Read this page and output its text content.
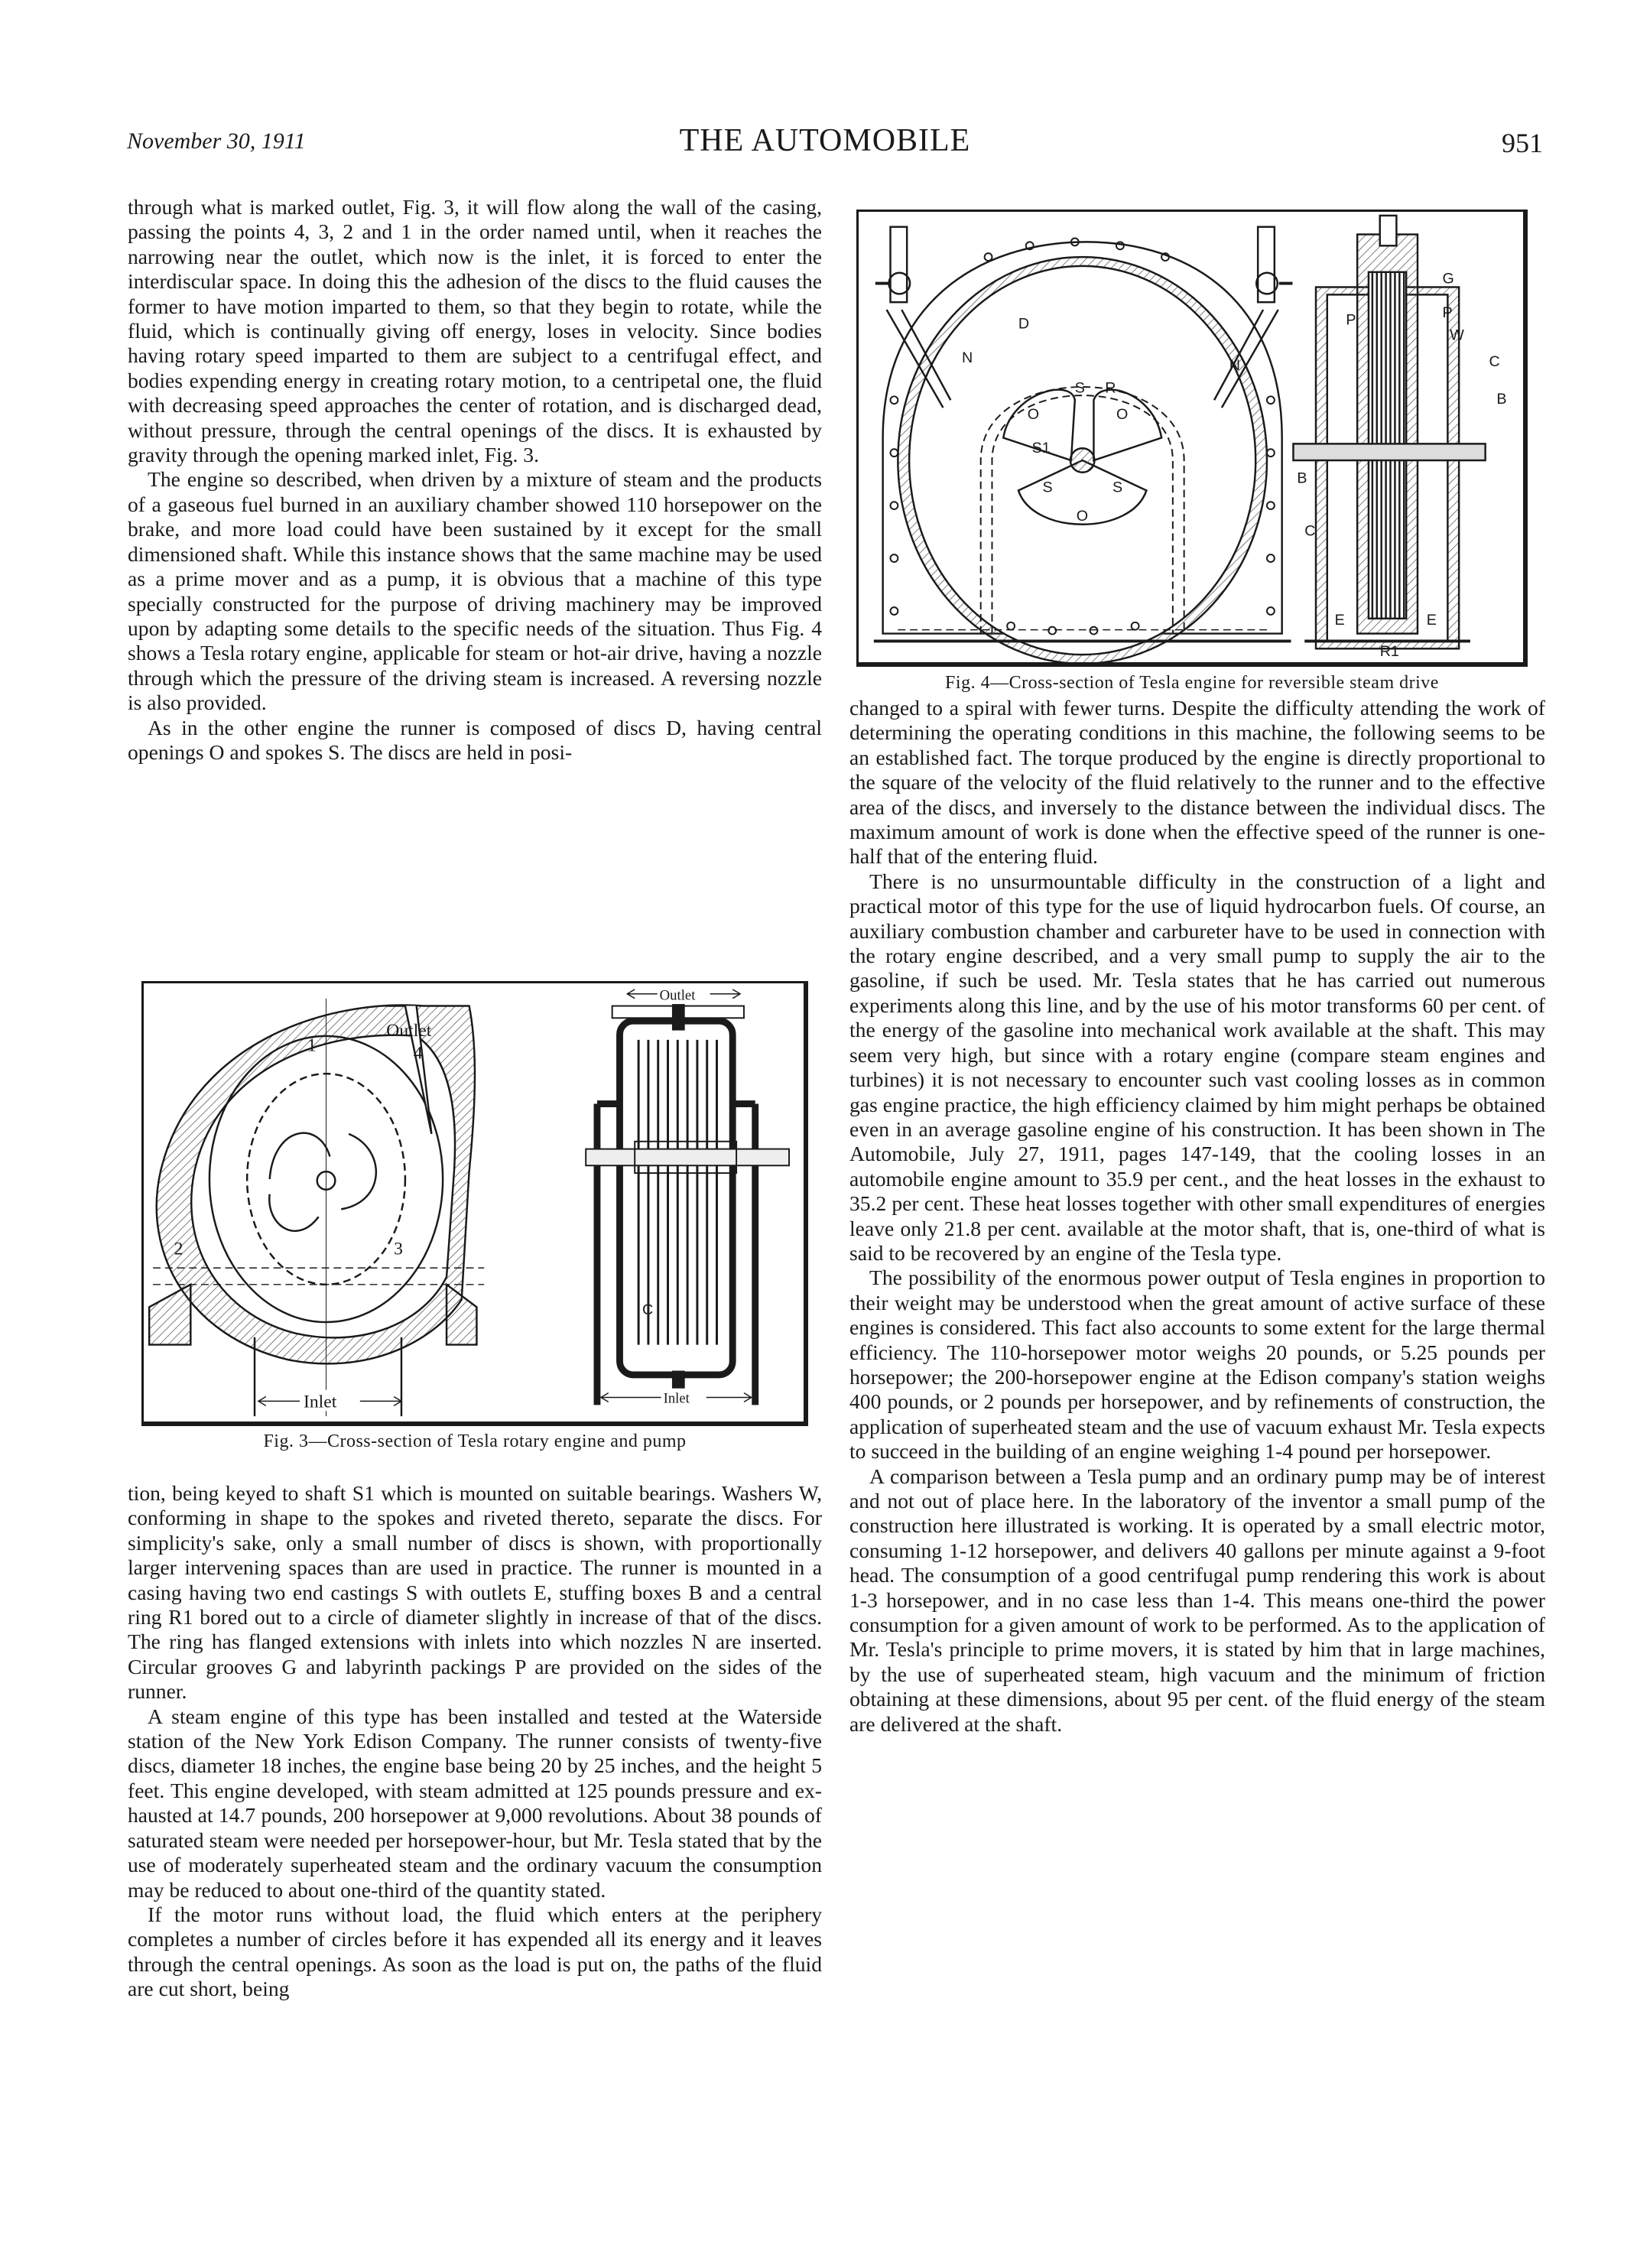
November 30, 1911	THE AUTOMOBILE	951

through what is marked outlet, Fig. 3, it will flow along the wall of the casing, passing the points 4, 3, 2 and 1 in the order named until, when it reaches the narrowing near the outlet, which now is the inlet, it is forced to enter the interdiscular space. In doing this the adhesion of the discs to the fluid causes the former to have motion imparted to them, so that they begin to rotate, while the fluid, which is continually giving off energy, loses in velocity. Since bodies having rotary speed imparted to them are subject to a centrifugal effect, and bodies expending energy in creating rotary motion, to a centripetal one, the fluid with decreasing speed approaches the center of rotation, and is discharged dead, without pressure, through the central openings of the discs. It is exhausted by gravity through the opening marked inlet, Fig. 3.

The engine so described, when driven by a mixture of steam and the products of a gaseous fuel burned in an auxiliary chamber showed 110 horsepower on the brake, and more load could have been sustained by it except for the small dimensioned shaft. While this instance shows that the same machine may be used as a prime mover and as a pump, it is obvious that a machine of this type specially constructed for the purpose of driving machinery may be improved upon by adapting some details to the specific needs of the situation. Thus Fig. 4 shows a Tesla rotary engine, applicable for steam or hot-air drive, having a nozzle through which the pressure of the driving steam is increased. A reversing nozzle is also provided.

As in the other engine the runner is composed of discs D, having central openings O and spokes S. The discs are held in posi-

Outlet
4
1
2	3
Inlet
Outlet
Inlet
C
Fig. 3—Cross-section of Tesla rotary engine and pump

tion, being keyed to shaft S1 which is mounted on suitable bearings. Washers W, conforming in shape to the spokes and riveted thereto, separate the discs. For simplicity's sake, only a small number of discs is shown, with proportionally larger intervening spaces than are used in practice. The runner is mounted in a casing having two end castings S with outlets E, stuffing boxes B and a central ring R1 bored out to a circle of diameter slightly in increase of that of the discs. The ring has flanged extensions with inlets into which nozzles N are inserted. Circular grooves G and labyrinth packings P are provided on the sides of the runner.

A steam engine of this type has been installed and tested at the Waterside station of the New York Edison Company. The runner consists of twenty-five discs, diameter 18 inches, the engine base being 20 by 25 inches, and the height 5 feet. This engine developed, with steam admitted at 125 pounds pressure and exhausted at 14.7 pounds, 200 horsepower at 9,000 revolutions. About 38 pounds of saturated steam were needed per horsepower-hour, but Mr. Tesla stated that by the use of moderately superheated steam and the ordinary vacuum the consumption may be reduced to about one-third of the quantity stated.

If the motor runs without load, the fluid which enters at the periphery completes a number of circles before it has expended all its energy and it leaves through the central openings. As soon as the load is put on, the paths of the fluid are cut short, being

D
N	N
S R
O	O
S1
S	S
O
G
P	P
W
C
B
B
C
E	E
R1
Fig. 4—Cross-section of Tesla engine for reversible steam drive

changed to a spiral with fewer turns. Despite the difficulty attending the work of determining the operating conditions in this machine, the following seems to be an established fact. The torque produced by the engine is directly proportional to the square of the velocity of the fluid relatively to the runner and to the effective area of the discs, and inversely to the distance between the individual discs. The maximum amount of work is done when the effective speed of the runner is one-half that of the entering fluid.

There is no unsurmountable difficulty in the construction of a light and practical motor of this type for the use of liquid hydrocarbon fuels. Of course, an auxiliary combustion chamber and carbureter have to be used in connection with the rotary engine described, and a very small pump to supply the air to the gasoline, if such be used. Mr. Tesla states that he has carried out numerous experiments along this line, and by the use of his motor transforms 60 per cent. of the energy of the gasoline into mechanical work available at the shaft. This may seem very high, but since with a rotary engine (compare steam engines and turbines) it is not necessary to encounter such vast cooling losses as in common gas engine practice, the high efficiency claimed by him might perhaps be obtained even in an average gasoline engine of his construction. It has been shown in The Automobile, July 27, 1911, pages 147-149, that the cooling losses in an automobile engine amount to 35.9 per cent., and the heat losses in the exhaust to 35.2 per cent. These heat losses together with other small expenditures of energies leave only 21.8 per cent. available at the motor shaft, that is, one-third of what is said to be recovered by an engine of the Tesla type.

The possibility of the enormous power output of Tesla engines in proportion to their weight may be understood when the great amount of active surface of these engines is considered. This fact also accounts to some extent for the large thermal efficiency. The 110-horsepower motor weighs 20 pounds, or 5.25 pounds per horsepower; the 200-horsepower engine at the Edison company's station weighs 400 pounds, or 2 pounds per horsepower, and by refinements of construction, the application of superheated steam and the use of vacuum exhaust Mr. Tesla expects to succeed in the building of an engine weighing 1-4 pound per horsepower.

A comparison between a Tesla pump and an ordinary pump may be of interest and not out of place here. In the laboratory of the inventor a small pump of the construction here illustrated is working. It is operated by a small electric motor, consuming 1-12 horsepower, and delivers 40 gallons per minute against a 9-foot head. The consumption of a good centrifugal pump rendering this work is about 1-3 horsepower, and in no case less than 1-4. This means one-third the power consumption for a given amount of work to be performed. As to the application of Mr. Tesla's principle to prime movers, it is stated by him that in large machines, by the use of superheated steam, high vacuum and the minimum of friction obtaining at these dimensions, about 95 per cent. of the fluid energy of the steam are delivered at the shaft.
